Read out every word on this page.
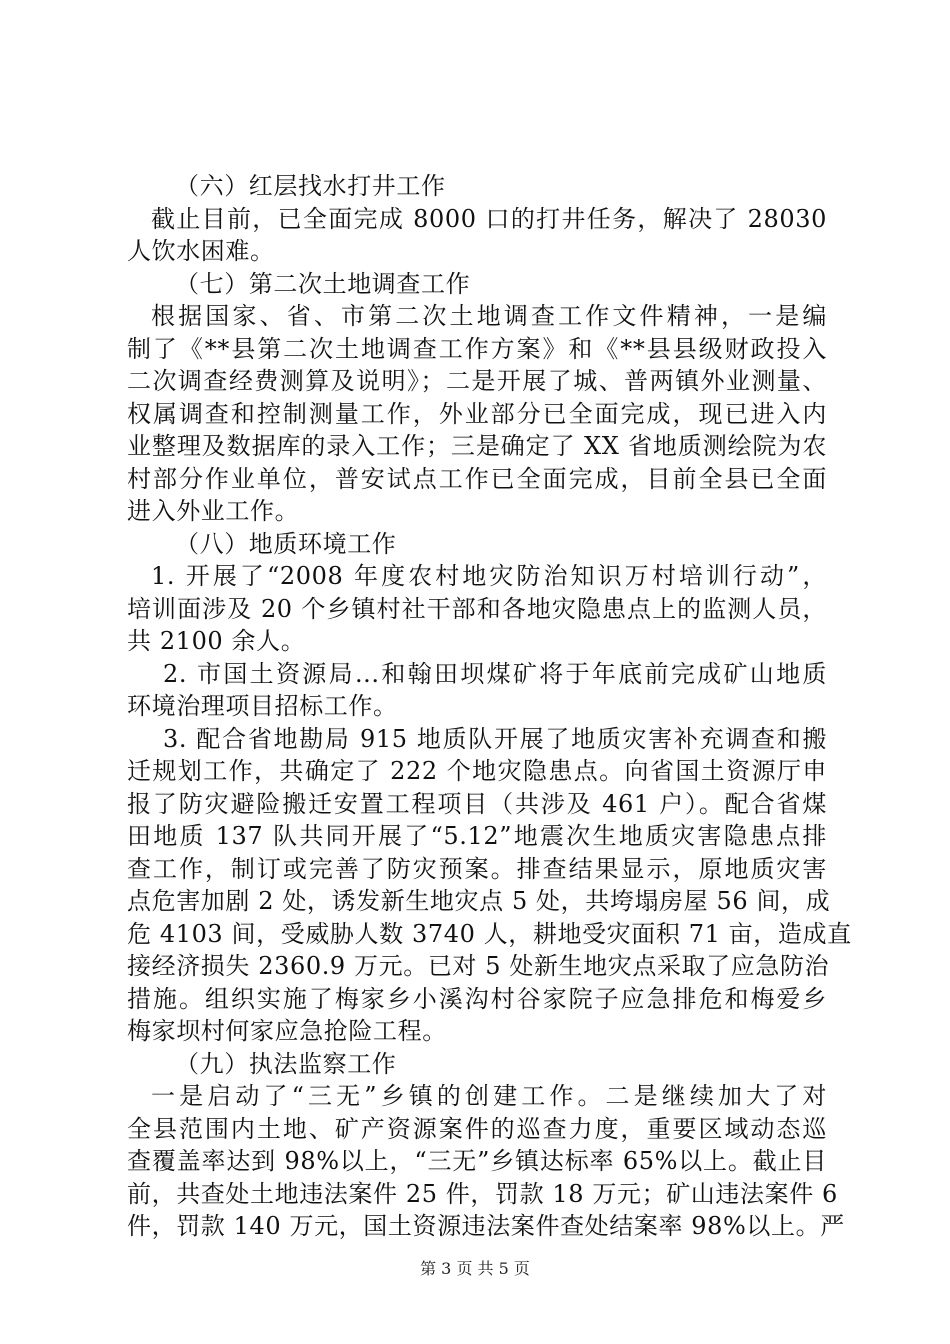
（六）红层找水打井工作
截止目前，已全面完成 8000 口的打井任务，解决了 28030
人饮水困难。
（七）第二次土地调查工作
根据国家、省、市第二次土地调查工作文件精神，一是编
制了《**县第二次土地调查工作方案》和《**县县级财政投入
二次调查经费测算及说明》；二是开展了城、普两镇外业测量、
权属调查和控制测量工作，外业部分已全面完成，现已进入内
业整理及数据库的录入工作；三是确定了 XX 省地质测绘院为农
村部分作业单位，普安试点工作已全面完成，目前全县已全面
进入外业工作。
（八）地质环境工作
1. 开展了“2008 年度农村地灾防治知识万村培训行动”，
培训面涉及 20 个乡镇村社干部和各地灾隐患点上的监测人员，
共 2100 余人。
2. 市国土资源局...和翰田坝煤矿将于年底前完成矿山地质
环境治理项目招标工作。
3. 配合省地勘局 915 地质队开展了地质灾害补充调查和搬
迁规划工作，共确定了 222 个地灾隐患点。向省国土资源厅申
报了防灾避险搬迁安置工程项目（共涉及 461 户）。配合省煤
田地质 137 队共同开展了“5.12”地震次生地质灾害隐患点排
查工作，制订或完善了防灾预案。排查结果显示，原地质灾害
点危害加剧 2 处，诱发新生地灾点 5 处，共垮塌房屋 56 间，成
危 4103 间，受威胁人数 3740 人，耕地受灾面积 71 亩，造成直
接经济损失 2360.9 万元。已对 5 处新生地灾点采取了应急防治
措施。组织实施了梅家乡小溪沟村谷家院子应急排危和梅爱乡
梅家坝村何家应急抢险工程。
（九）执法监察工作
一是启动了“三无”乡镇的创建工作。二是继续加大了对
全县范围内土地、矿产资源案件的巡查力度，重要区域动态巡
查覆盖率达到 98%以上，“三无”乡镇达标率 65%以上。截止目
前，共查处土地违法案件 25 件，罚款 18 万元；矿山违法案件 6
件，罚款 140 万元，国土资源违法案件查处结案率 98%以上。严
第 3 页 共 5 页
